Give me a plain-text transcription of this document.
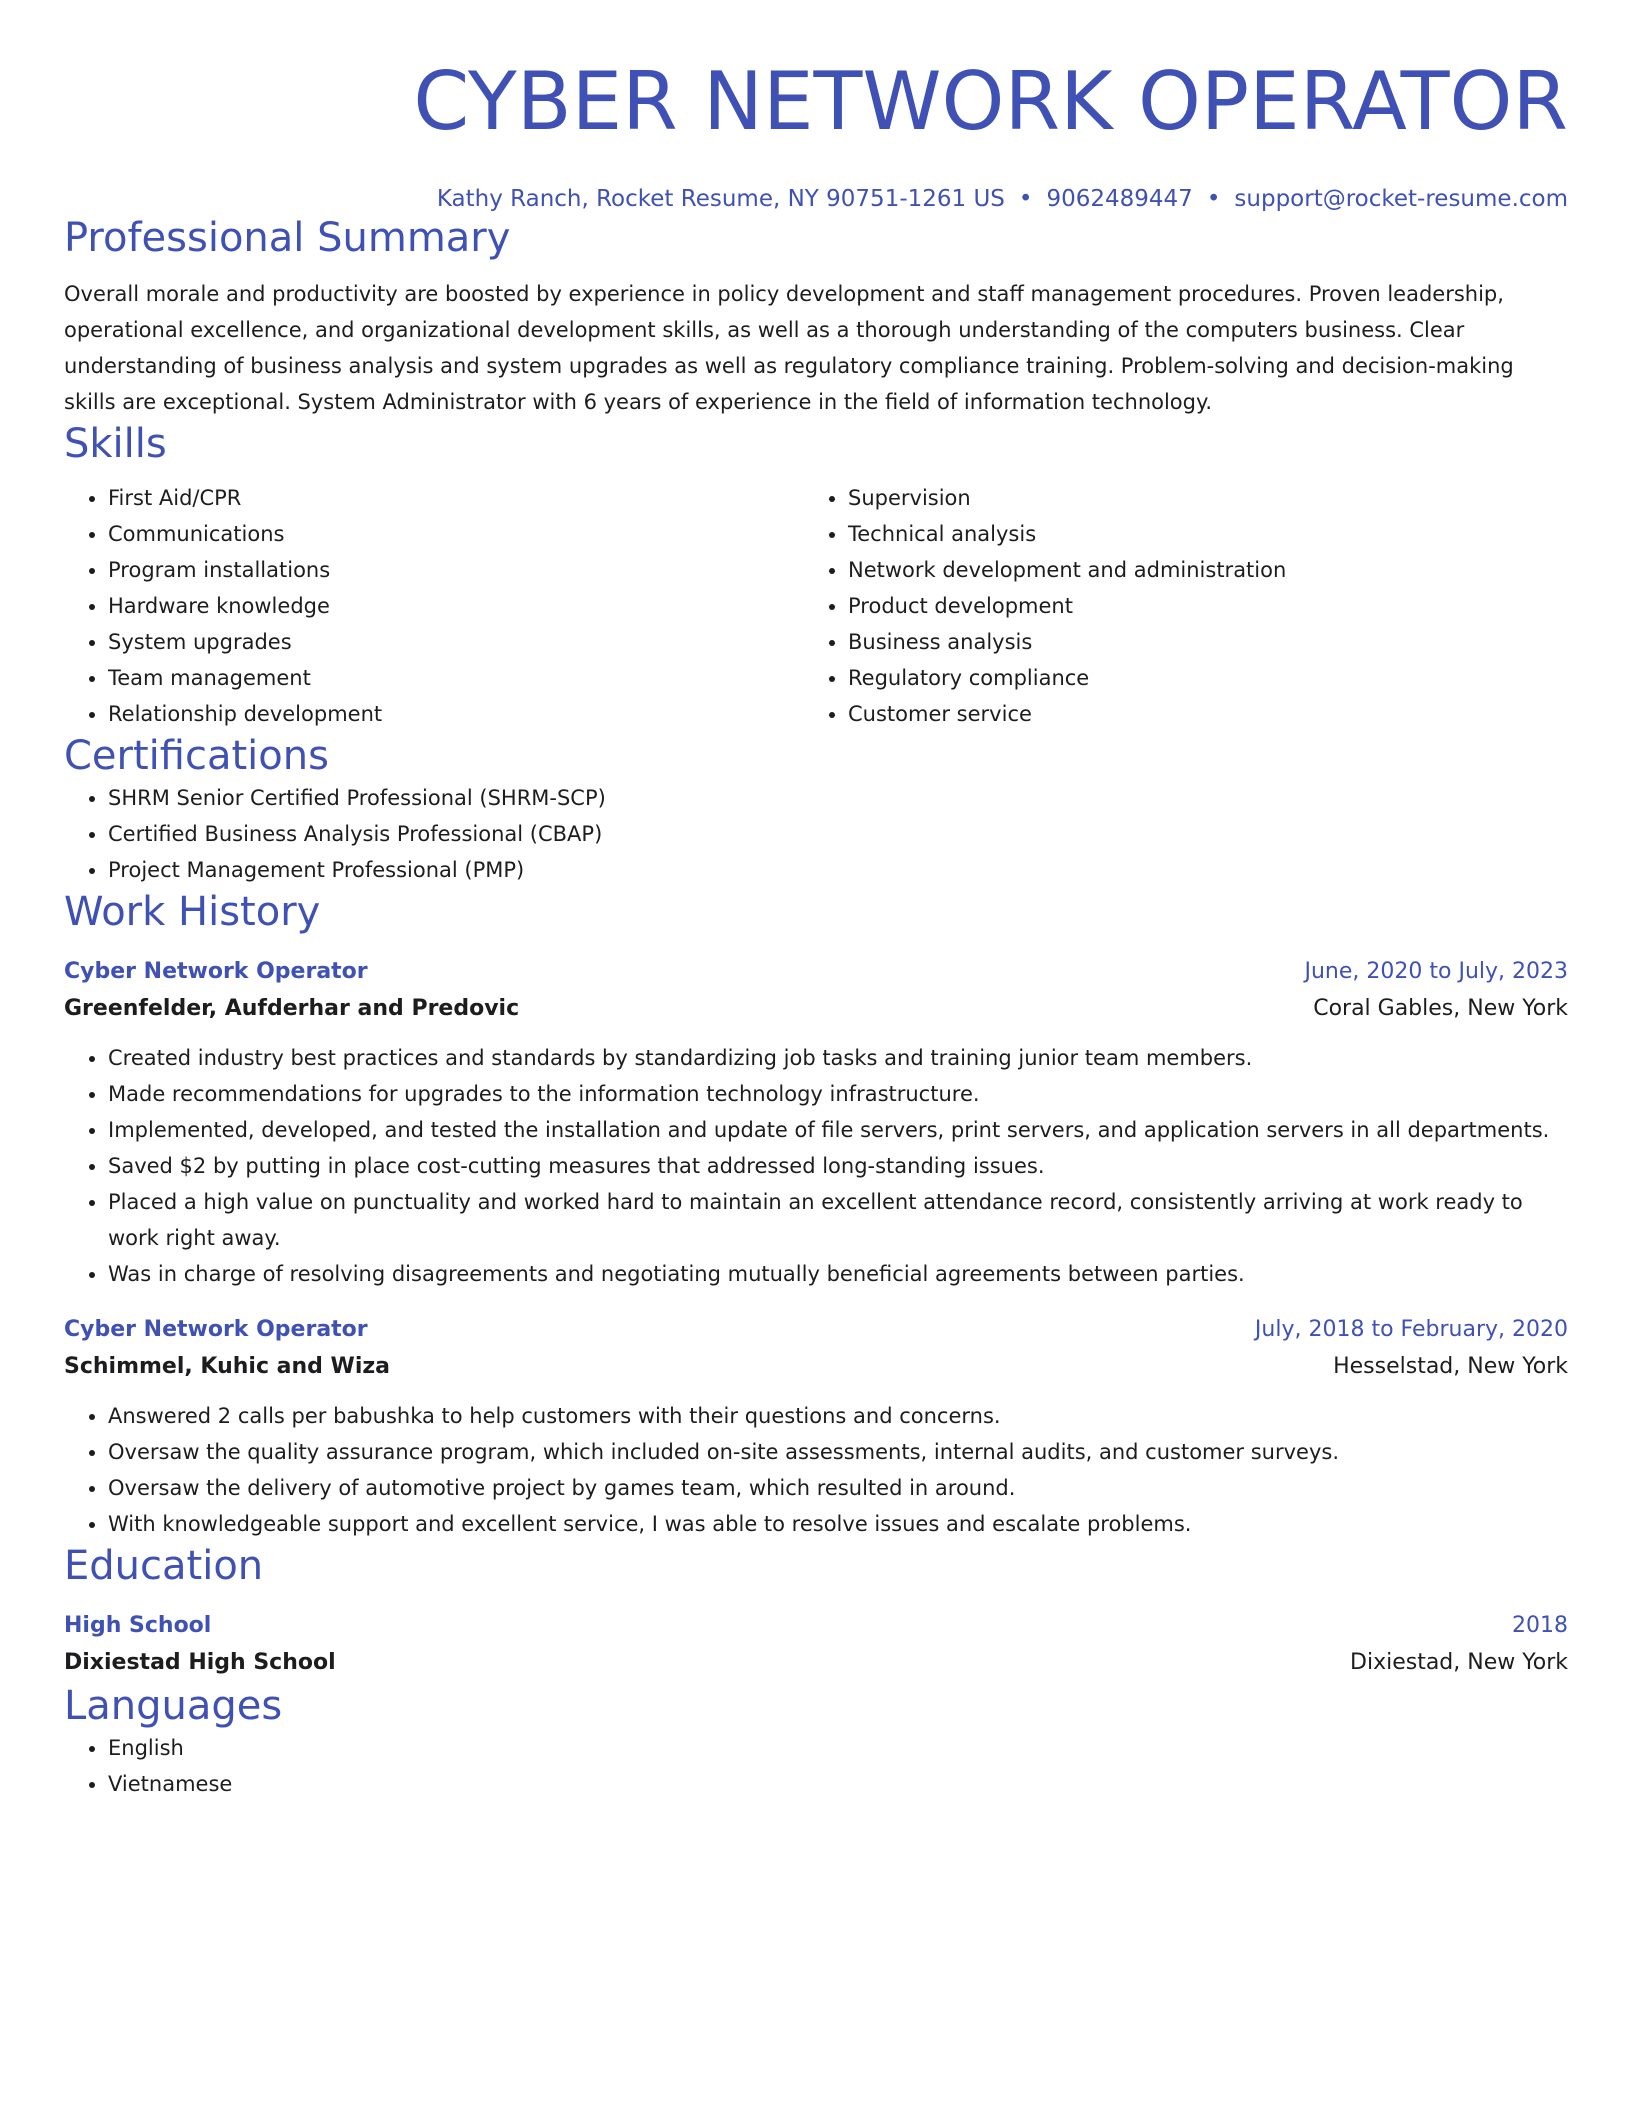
CYBER NETWORK OPERATOR
Kathy Ranch, Rocket Resume, NY 90751-1261 US • 9062489447 • support@rocket-resume.com
Professional Summary

Overall morale and productivity are boosted by experience in policy development and staff management procedures. Proven leadership, operational excellence, and organizational development skills, as well as a thorough understanding of the computers business. Clear understanding of business analysis and system upgrades as well as regulatory compliance training. Problem-solving and decision-making skills are exceptional. System Administrator with 6 years of experience in the field of information technology.

Skills
• First Aid/CPR
• Communications
• Program installations
• Hardware knowledge
• System upgrades
• Team management
• Relationship development
• Supervision
• Technical analysis
• Network development and administration
• Product development
• Business analysis
• Regulatory compliance
• Customer service
Certifications
• SHRM Senior Certified Professional (SHRM-SCP)
• Certified Business Analysis Professional (CBAP)
• Project Management Professional (PMP)
Work History
Cyber Network Operator	June, 2020 to July, 2023
Greenfelder, Aufderhar and Predovic	Coral Gables, New York
• Created industry best practices and standards by standardizing job tasks and training junior team members.
• Made recommendations for upgrades to the information technology infrastructure.
• Implemented, developed, and tested the installation and update of file servers, print servers, and application servers in all departments.
• Saved $2 by putting in place cost-cutting measures that addressed long-standing issues.
• Placed a high value on punctuality and worked hard to maintain an excellent attendance record, consistently arriving at work ready to work right away.
• Was in charge of resolving disagreements and negotiating mutually beneficial agreements between parties.
Cyber Network Operator	July, 2018 to February, 2020
Schimmel, Kuhic and Wiza	Hesselstad, New York
• Answered 2 calls per babushka to help customers with their questions and concerns.
• Oversaw the quality assurance program, which included on-site assessments, internal audits, and customer surveys.
• Oversaw the delivery of automotive project by games team, which resulted in around.
• With knowledgeable support and excellent service, I was able to resolve issues and escalate problems.
Education
High School	2018
Dixiestad High School	Dixiestad, New York
Languages
• English
• Vietnamese
